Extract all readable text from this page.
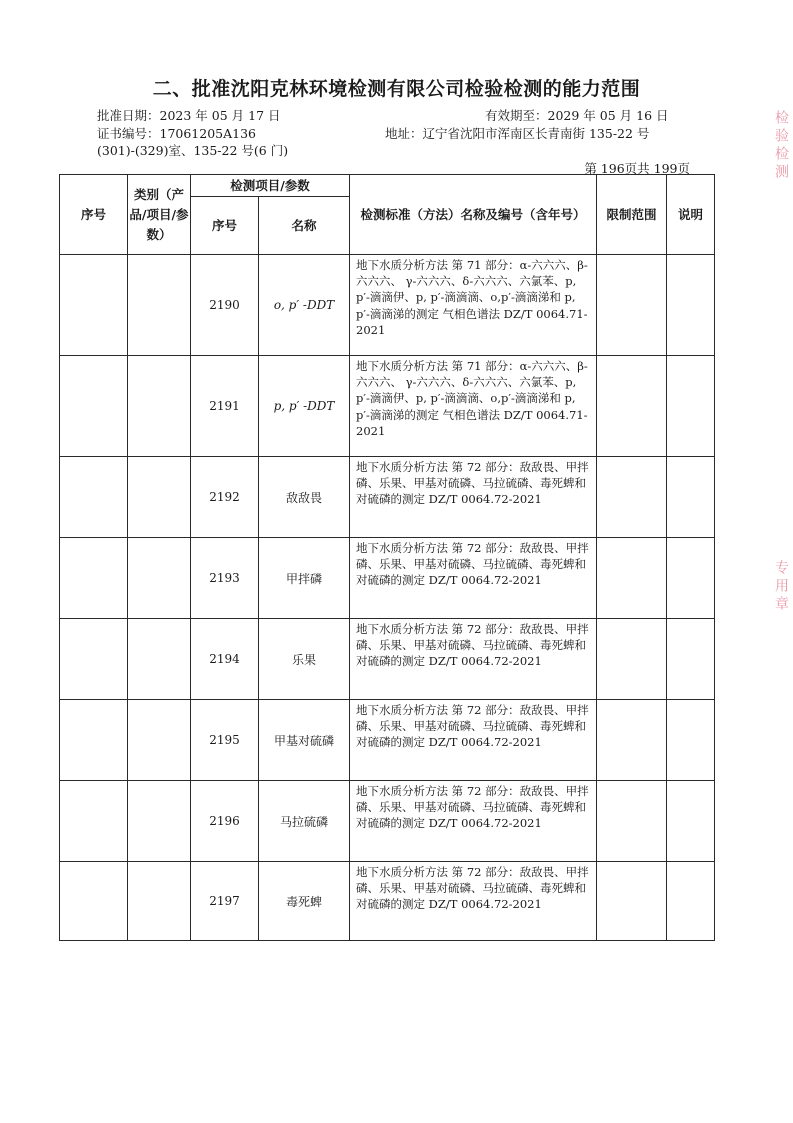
二、批准沈阳克林环境检测有限公司检验检测的能力范围
批准日期：2023 年 05 月 17 日	有效期至：2029 年 05 月 16 日
证书编号：17061205A136	地址：辽宁省沈阳市浑南区长青南街 135-22 号
(301)-(329)室、135-22 号(6 门)
第 196页共 199页
序号	类别（产品/项目/参数）	检测项目/参数		检测标准（方法）名称及编号（含年号）	限制范围	说明
		序号	名称			
		2190	o, p′ -DDT	地下水质分析方法 第 71 部分：α-六六六、β-六六六、 γ-六六六、δ-六六六、六氯苯、p, p′-滴滴伊、p, p′-滴滴滴、o,p′-滴滴涕和 p, p′-滴滴涕的测定 气相色谱法 DZ/T 0064.71-2021		
		2191	p, p′ -DDT	地下水质分析方法 第 71 部分：α-六六六、β-六六六、 γ-六六六、δ-六六六、六氯苯、p, p′-滴滴伊、p, p′-滴滴滴、o,p′-滴滴涕和 p, p′-滴滴涕的测定 气相色谱法 DZ/T 0064.71-2021		
		2192	敌敌畏	地下水质分析方法 第 72 部分：敌敌畏、甲拌磷、乐果、甲基对硫磷、马拉硫磷、毒死蜱和对硫磷的测定 DZ/T 0064.72-2021		
		2193	甲拌磷	地下水质分析方法 第 72 部分：敌敌畏、甲拌磷、乐果、甲基对硫磷、马拉硫磷、毒死蜱和对硫磷的测定 DZ/T 0064.72-2021		
		2194	乐果	地下水质分析方法 第 72 部分：敌敌畏、甲拌磷、乐果、甲基对硫磷、马拉硫磷、毒死蜱和对硫磷的测定 DZ/T 0064.72-2021		
		2195	甲基对硫磷	地下水质分析方法 第 72 部分：敌敌畏、甲拌磷、乐果、甲基对硫磷、马拉硫磷、毒死蜱和对硫磷的测定 DZ/T 0064.72-2021		
		2196	马拉硫磷	地下水质分析方法 第 72 部分：敌敌畏、甲拌磷、乐果、甲基对硫磷、马拉硫磷、毒死蜱和对硫磷的测定 DZ/T 0064.72-2021		
		2197	毒死蜱	地下水质分析方法 第 72 部分：敌敌畏、甲拌磷、乐果、甲基对硫磷、马拉硫磷、毒死蜱和对硫磷的测定 DZ/T 0064.72-2021		
检验检测
专用章
